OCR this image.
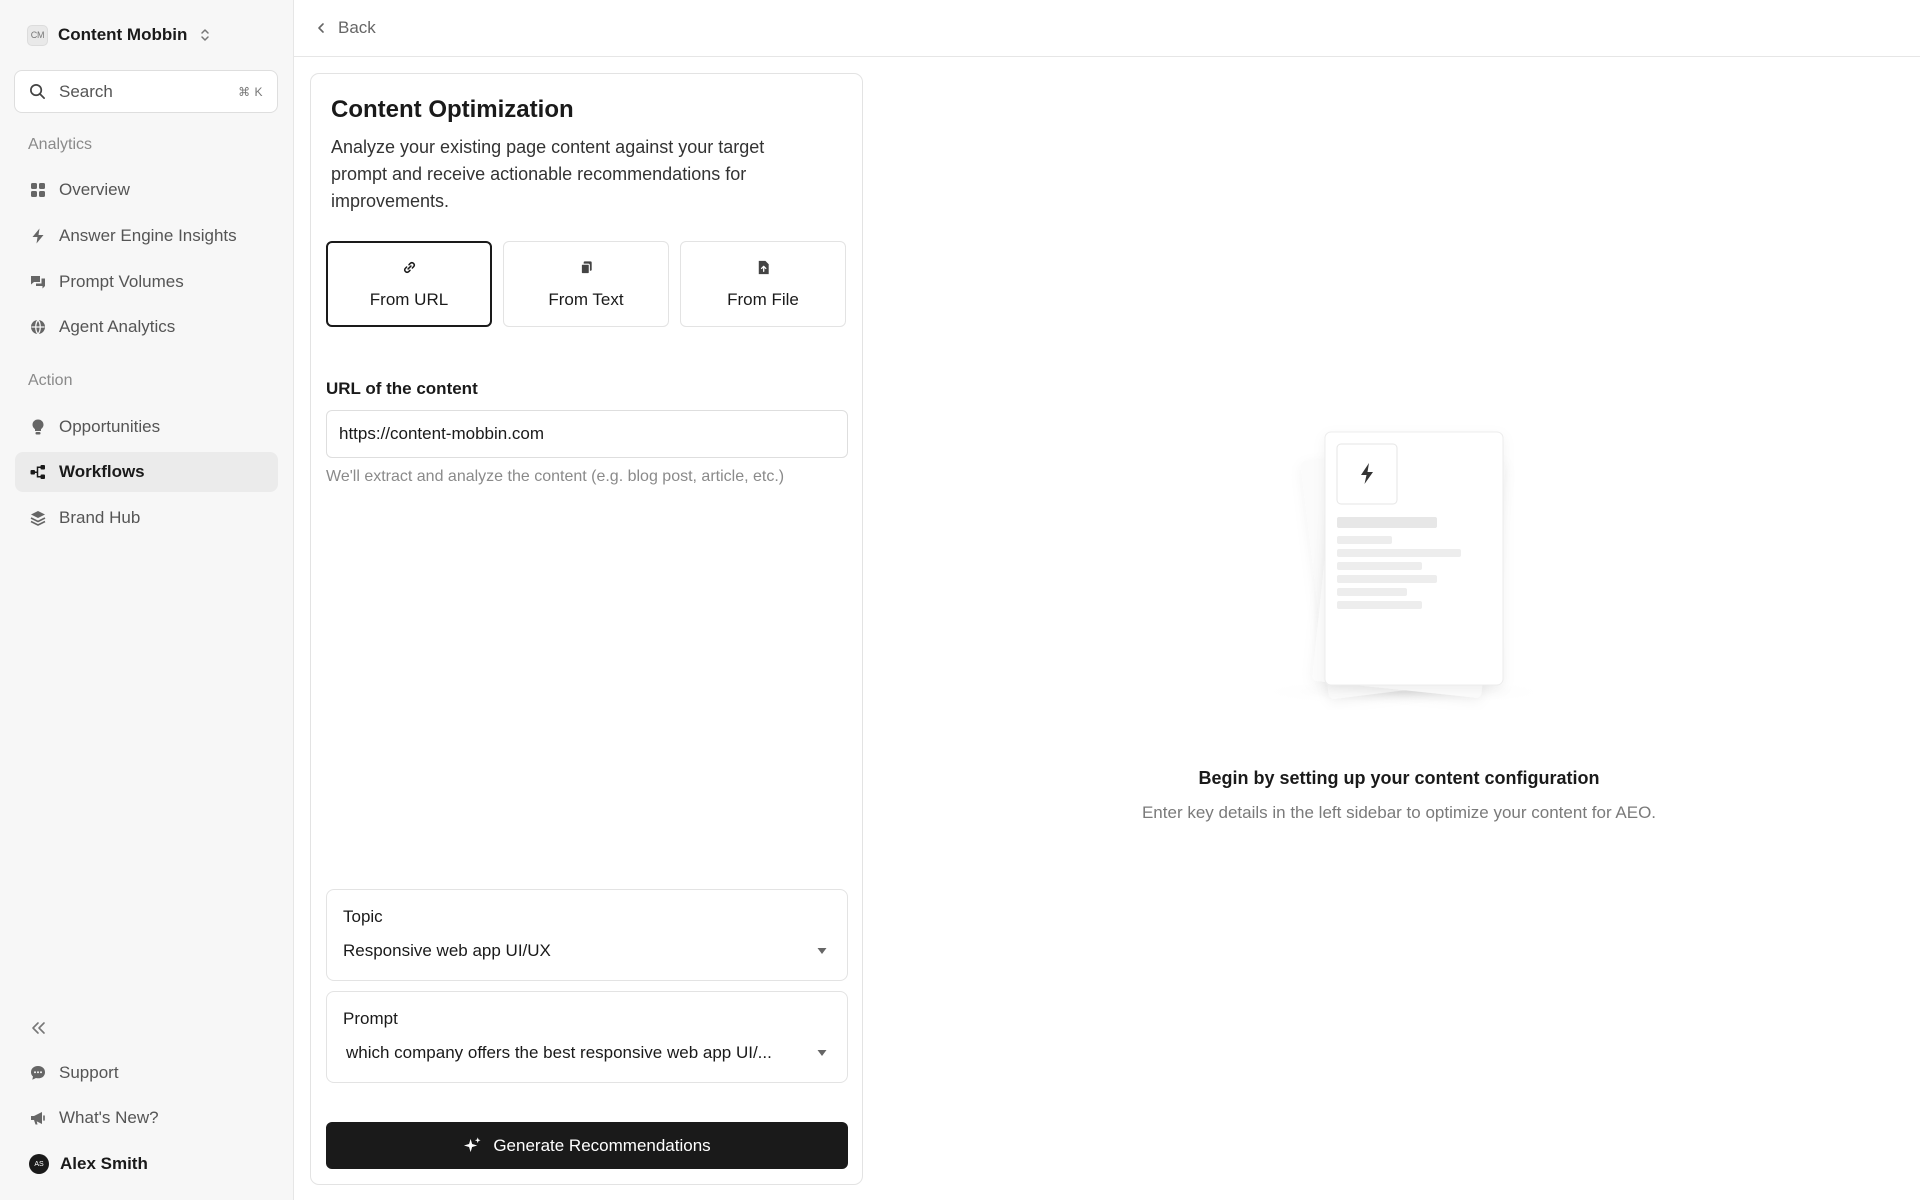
CM Content Mobbin
Search	⌘ K
Analytics
Overview
Answer Engine Insights
Prompt Volumes
Agent Analytics
Action
Opportunities
Workflows
Brand Hub
Support
What's New?
AS Alex Smith
Back
Content Optimization

Analyze your existing page content against your target prompt and receive actionable recommendations for improvements.

From URL	From Text	From File
URL of the content
https://content-mobbin.com
We'll extract and analyze the content (e.g. blog post, article, etc.)
Topic
Responsive web app UI/UX
Prompt
which company offers the best responsive web app UI/...
Generate Recommendations
Begin by setting up your content configuration
Enter key details in the left sidebar to optimize your content for AEO.
